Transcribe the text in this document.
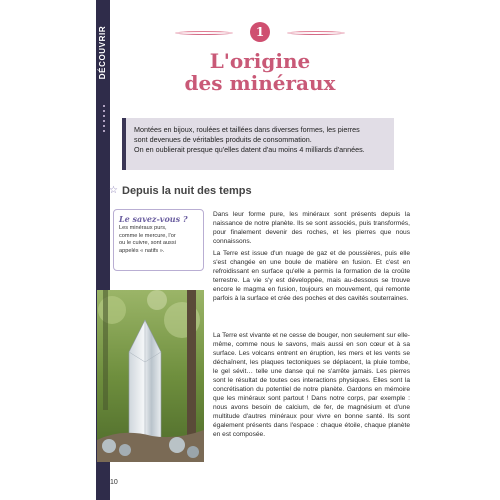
DÉCOUVRIR	1
L'origine
des minéraux
Montées en bijoux, roulées et taillées dans diverses formes, les pierres
sont devenues de véritables produits de consommation.
On en oublierait presque qu'elles datent d'au moins 4 milliards d'années.
☆ Depuis la nuit des temps
Le savez-vous ?
Les minéraux purs,
comme le mercure, l'or
ou le cuivre, sont aussi
appelés « natifs ».

Dans leur forme pure, les minéraux sont présents depuis la naissance de notre planète. Ils se sont associés, puis transformés, pour finalement devenir des roches, et les pierres que nous connaissons.

La Terre est issue d'un nuage de gaz et de poussières, puis elle s'est changée en une boule de matière en fusion. Et c'est en refroidissant en surface qu'elle a permis la formation de la croûte terrestre. La vie s'y est développée, mais au-dessous se trouve encore le magma en fusion, toujours en mouvement, qui remonte parfois à la surface et crée des poches et des cavités souterraines.

La Terre est vivante et ne cesse de bouger, non seulement sur elle-même, comme nous le savons, mais aussi en son cœur et à sa surface. Les volcans entrent en éruption, les mers et les vents se déchaînent, les plaques tectoniques se déplacent, la pluie tombe, le gel sévit… telle une danse qui ne s'arrête jamais. Les pierres sont le résultat de toutes ces interactions physiques. Elles sont la concrétisation du potentiel de notre planète. Gardons en mémoire que les minéraux sont partout ! Dans notre corps, par exemple : nous avons besoin de calcium, de fer, de magnésium et d'une multitude d'autres minéraux pour vivre en bonne santé. Ils sont également présents dans l'espace : chaque étoile, chaque planète en est composée.

10
